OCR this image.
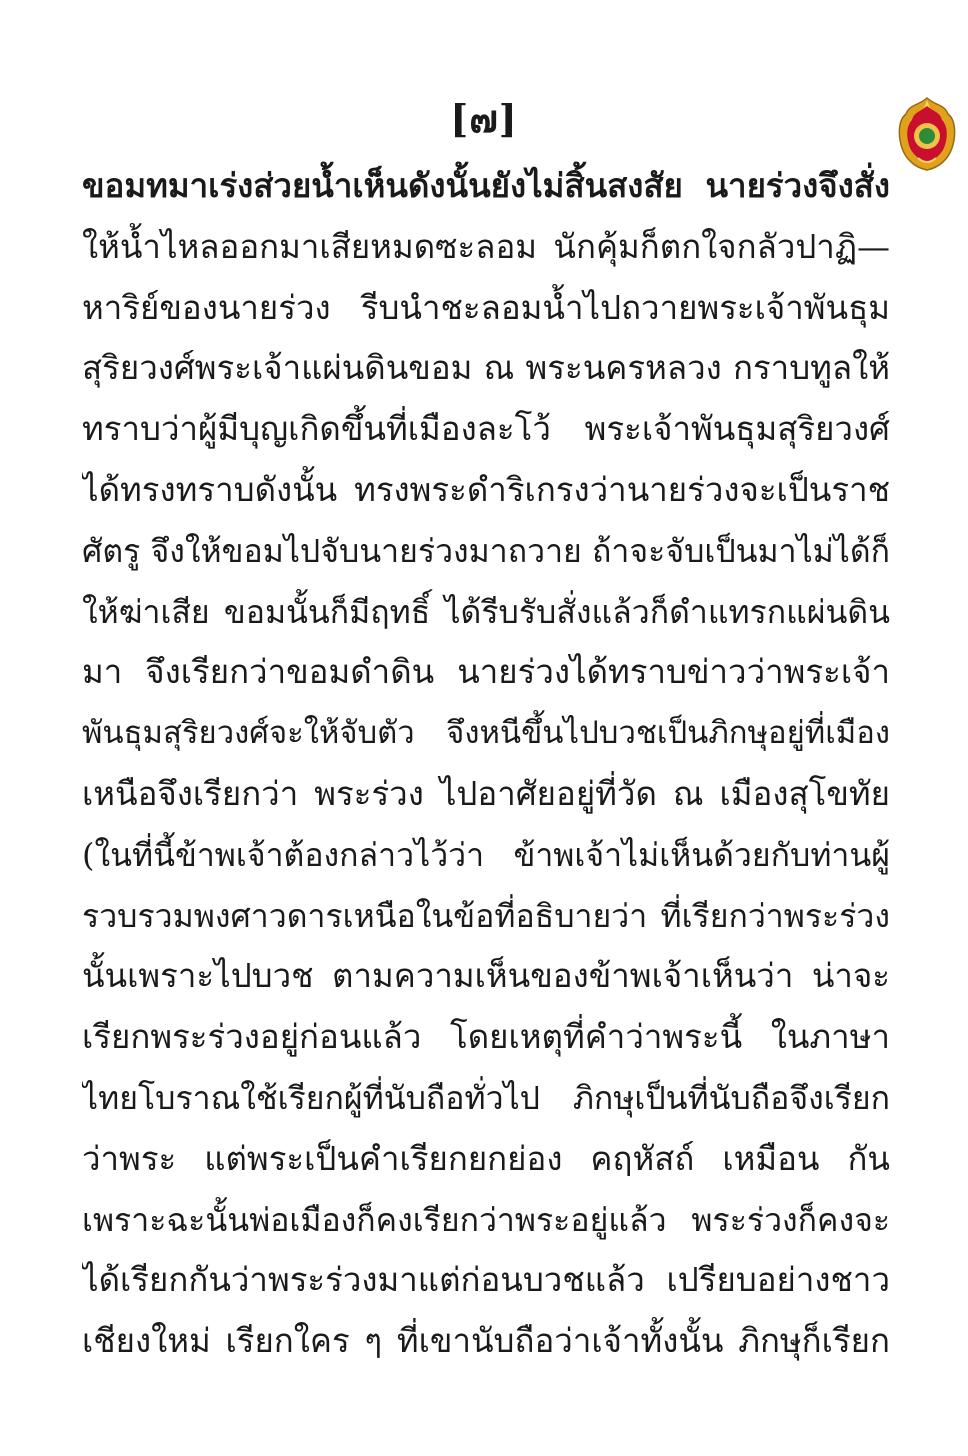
[๗]
ขอมทมาเร่งส่วยน้ำเห็นดังนั้นยังไม่สิ้นสงสัย นายร่วงจึงสั่ง
ให้น้ำไหลออกมาเสียหมดซะลอม นักคุ้มก็ตกใจกลัวปาฏิ—
หาริย์ของนายร่วง รีบนำชะลอมน้ำไปถวายพระเจ้าพันธุม
สุริยวงศ์พระเจ้าแผ่นดินขอม ณ พระนครหลวง กราบทูลให้
ทราบว่าผู้มีบุญเกิดขึ้นที่เมืองละโว้ พระเจ้าพันธุมสุริยวงศ์
ได้ทรงทราบดังนั้น ทรงพระดำริเกรงว่านายร่วงจะเป็นราช
ศัตรู จึงให้ขอมไปจับนายร่วงมาถวาย ถ้าจะจับเป็นมาไม่ได้ก็
ให้ฆ่าเสีย ขอมนั้นก็มีฤทธิ์ ได้รีบรับสั่งแล้วก็ดำแทรกแผ่นดิน
มา จึงเรียกว่าขอมดำดิน นายร่วงได้ทราบข่าวว่าพระเจ้า
พันธุมสุริยวงศ์จะให้จับตัว จึงหนีขึ้นไปบวชเป็นภิกษุอยู่ที่เมือง
เหนือจึงเรียกว่า พระร่วง ไปอาศัยอยู่ที่วัด ณ เมืองสุโขทัย
(ในที่นี้ข้าพเจ้าต้องกล่าวไว้ว่า ข้าพเจ้าไม่เห็นด้วยกับท่านผู้
รวบรวมพงศาวดารเหนือในข้อที่อธิบายว่า ที่เรียกว่าพระร่วง
นั้นเพราะไปบวช ตามความเห็นของข้าพเจ้าเห็นว่า น่าจะ
เรียกพระร่วงอยู่ก่อนแล้ว โดยเหตุที่คำว่าพระนี้ ในภาษา
ไทยโบราณใช้เรียกผู้ที่นับถือทั่วไป ภิกษุเป็นที่นับถือจึงเรียก
ว่าพระ แต่พระเป็นคำเรียกยกย่อง คฤหัสถ์ เหมือน กัน
เพราะฉะนั้นพ่อเมืองก็คงเรียกว่าพระอยู่แล้ว พระร่วงก็คงจะ
ได้เรียกกันว่าพระร่วงมาแต่ก่อนบวชแล้ว เปรียบอย่างชาว
เชียงใหม่ เรียกใคร ๆ ที่เขานับถือว่าเจ้าทั้งนั้น ภิกษุก็เรียก
